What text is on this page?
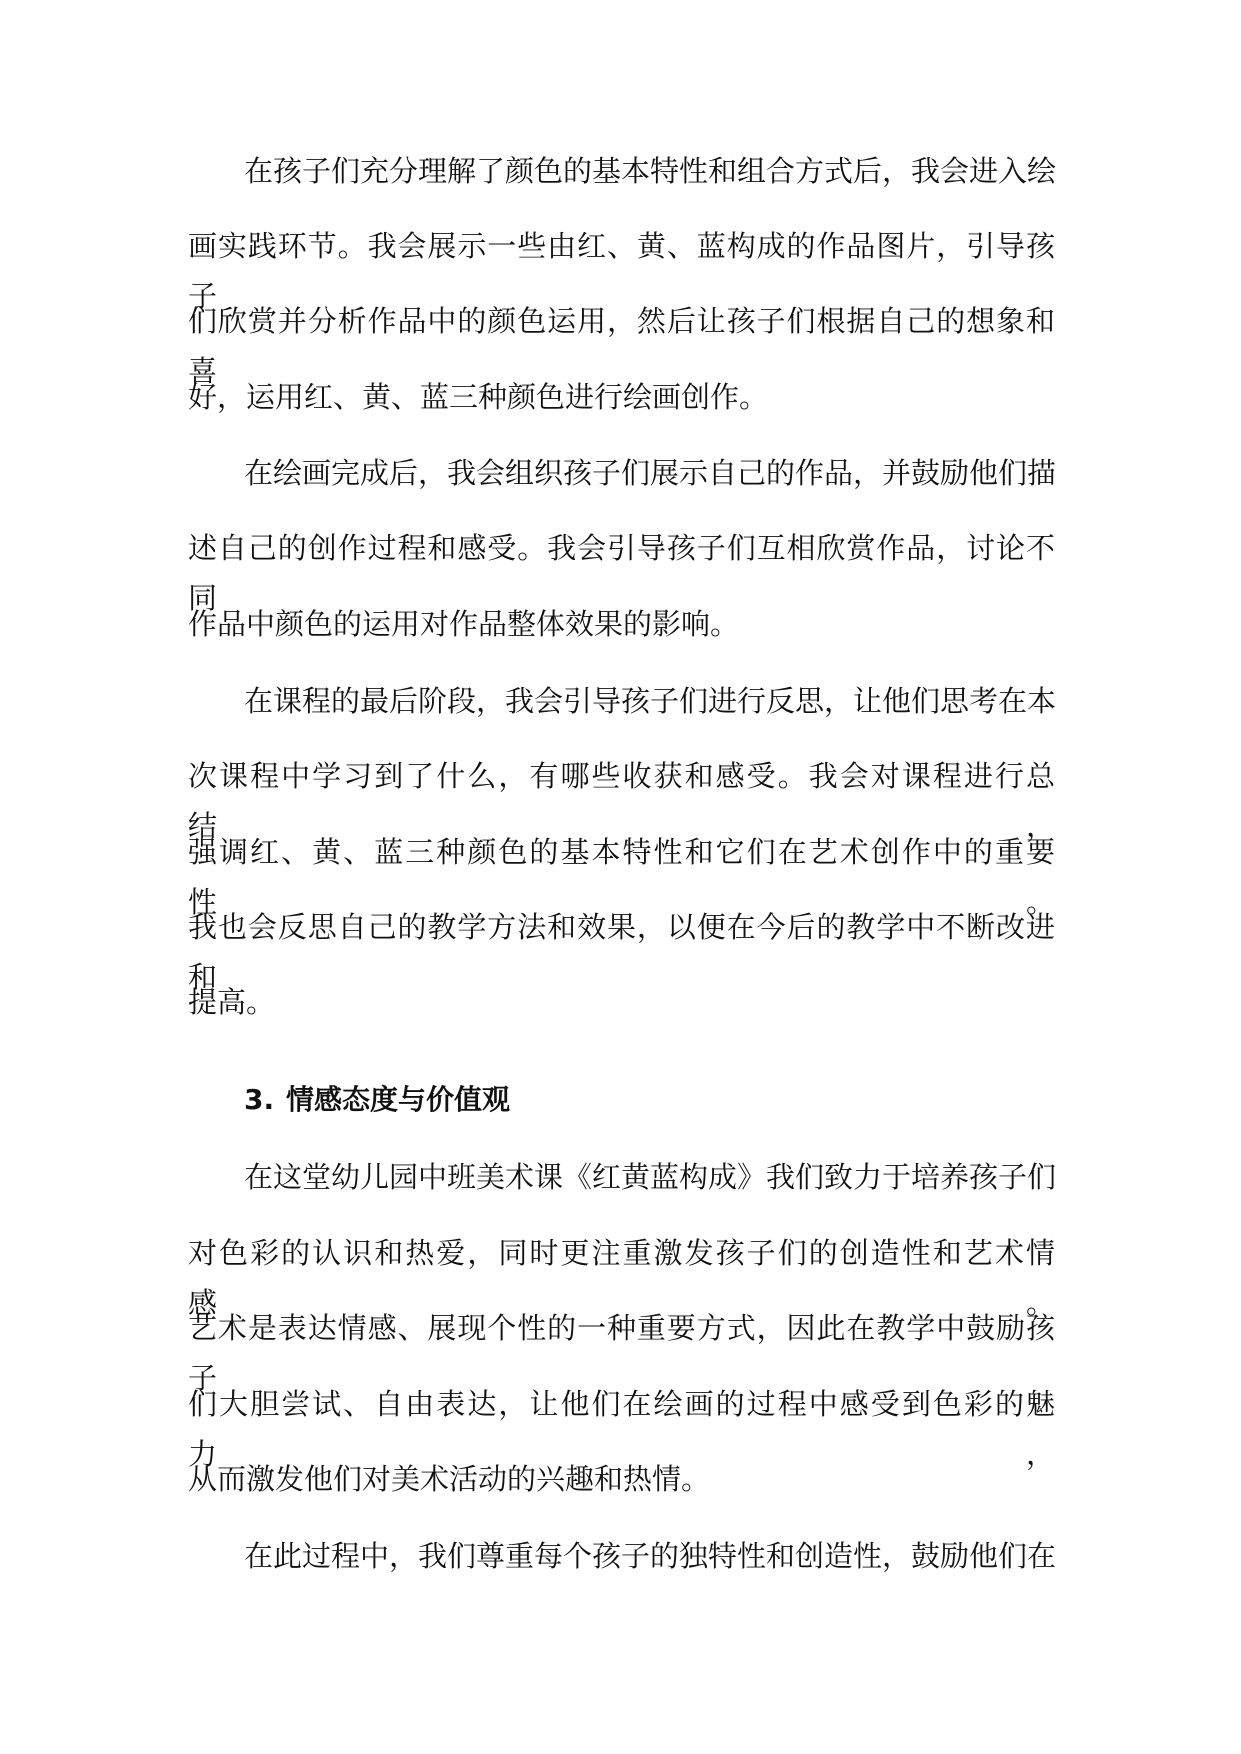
在孩子们充分理解了颜色的基本特性和组合方式后，我会进入绘
画实践环节。我会展示一些由红、黄、蓝构成的作品图片，引导孩子
们欣赏并分析作品中的颜色运用，然后让孩子们根据自己的想象和喜
好，运用红、黄、蓝三种颜色进行绘画创作。
在绘画完成后，我会组织孩子们展示自己的作品，并鼓励他们描
述自己的创作过程和感受。我会引导孩子们互相欣赏作品，讨论不同
作品中颜色的运用对作品整体效果的影响。
在课程的最后阶段，我会引导孩子们进行反思，让他们思考在本
次课程中学习到了什么，有哪些收获和感受。我会对课程进行总结，
强调红、黄、蓝三种颜色的基本特性和它们在艺术创作中的重要性。
我也会反思自己的教学方法和效果，以便在今后的教学中不断改进和
提高。
3. 情感态度与价值观
在这堂幼儿园中班美术课《红黄蓝构成》我们致力于培养孩子们
对色彩的认识和热爱，同时更注重激发孩子们的创造性和艺术情感。
艺术是表达情感、展现个性的一种重要方式，因此在教学中鼓励孩子
们大胆尝试、自由表达，让他们在绘画的过程中感受到色彩的魅力，
从而激发他们对美术活动的兴趣和热情。
在此过程中，我们尊重每个孩子的独特性和创造性，鼓励他们在
